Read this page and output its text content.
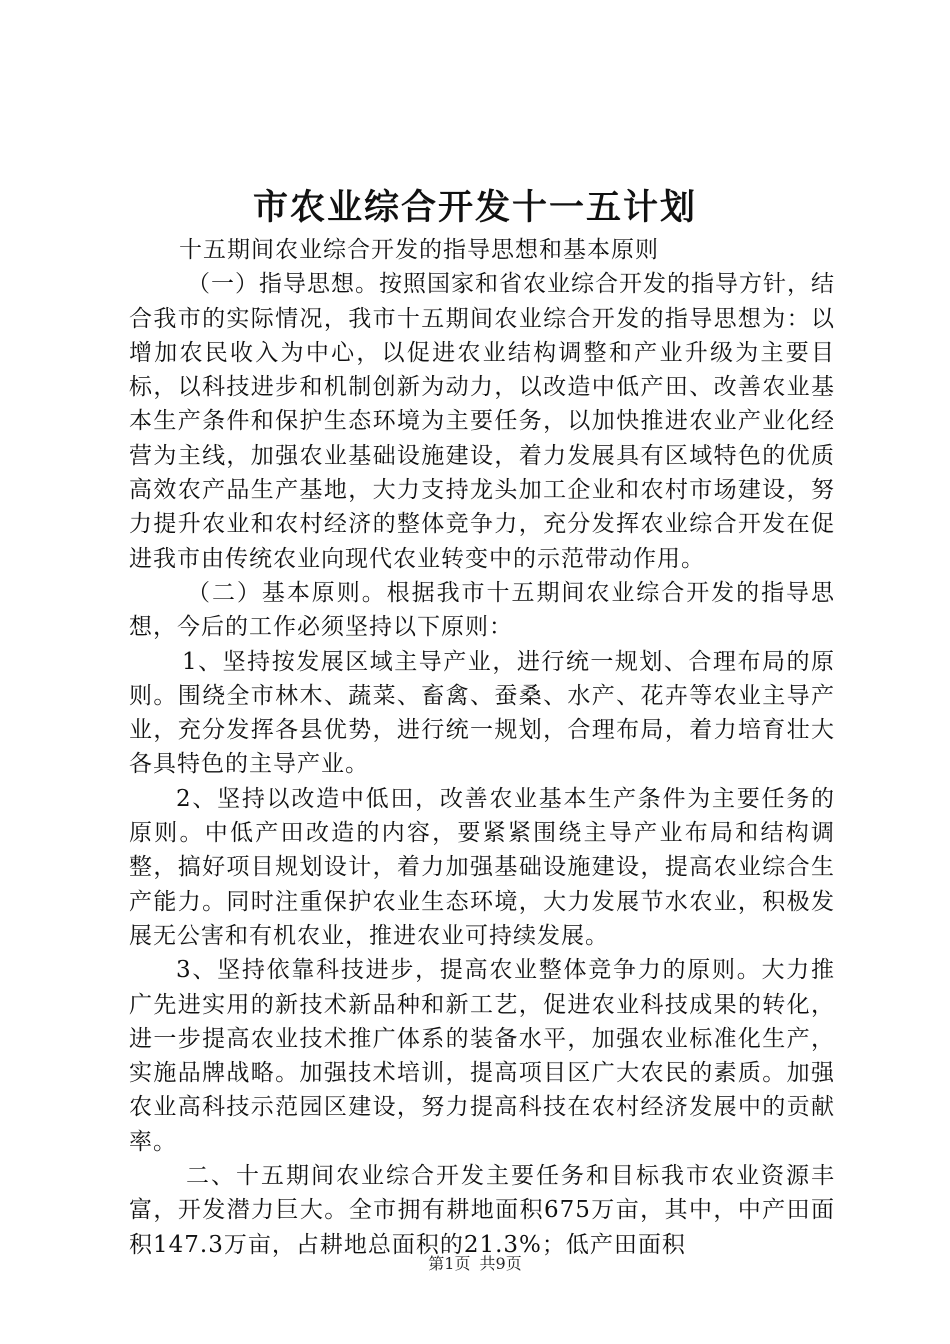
市农业综合开发十一五计划

十五期间农业综合开发的指导思想和基本原则

（一）指导思想。按照国家和省农业综合开发的指导方针，结合我市的实际情况，我市十五期间农业综合开发的指导思想为：以增加农民收入为中心，以促进农业结构调整和产业升级为主要目标，以科技进步和机制创新为动力，以改造中低产田、改善农业基本生产条件和保护生态环境为主要任务，以加快推进农业产业化经营为主线，加强农业基础设施建设，着力发展具有区域特色的优质高效农产品生产基地，大力支持龙头加工企业和农村市场建设，努力提升农业和农村经济的整体竞争力，充分发挥农业综合开发在促进我市由传统农业向现代农业转变中的示范带动作用。

（二）基本原则。根据我市十五期间农业综合开发的指导思想，今后的工作必须坚持以下原则：

1、坚持按发展区域主导产业，进行统一规划、合理布局的原则。围绕全市林木、蔬菜、畜禽、蚕桑、水产、花卉等农业主导产业，充分发挥各县优势，进行统一规划，合理布局，着力培育壮大各具特色的主导产业。

2、坚持以改造中低田，改善农业基本生产条件为主要任务的原则。中低产田改造的内容，要紧紧围绕主导产业布局和结构调整，搞好项目规划设计，着力加强基础设施建设，提高农业综合生产能力。同时注重保护农业生态环境，大力发展节水农业，积极发展无公害和有机农业，推进农业可持续发展。

3、坚持依靠科技进步，提高农业整体竞争力的原则。大力推广先进实用的新技术新品种和新工艺，促进农业科技成果的转化，进一步提高农业技术推广体系的装备水平，加强农业标准化生产，实施品牌战略。加强技术培训，提高项目区广大农民的素质。加强农业高科技示范园区建设，努力提高科技在农村经济发展中的贡献率。

二、十五期间农业综合开发主要任务和目标我市农业资源丰富，开发潜力巨大。全市拥有耕地面积675万亩，其中，中产田面积147.3万亩，占耕地总面积的21.3%；低产田面积

第1页 共9页
